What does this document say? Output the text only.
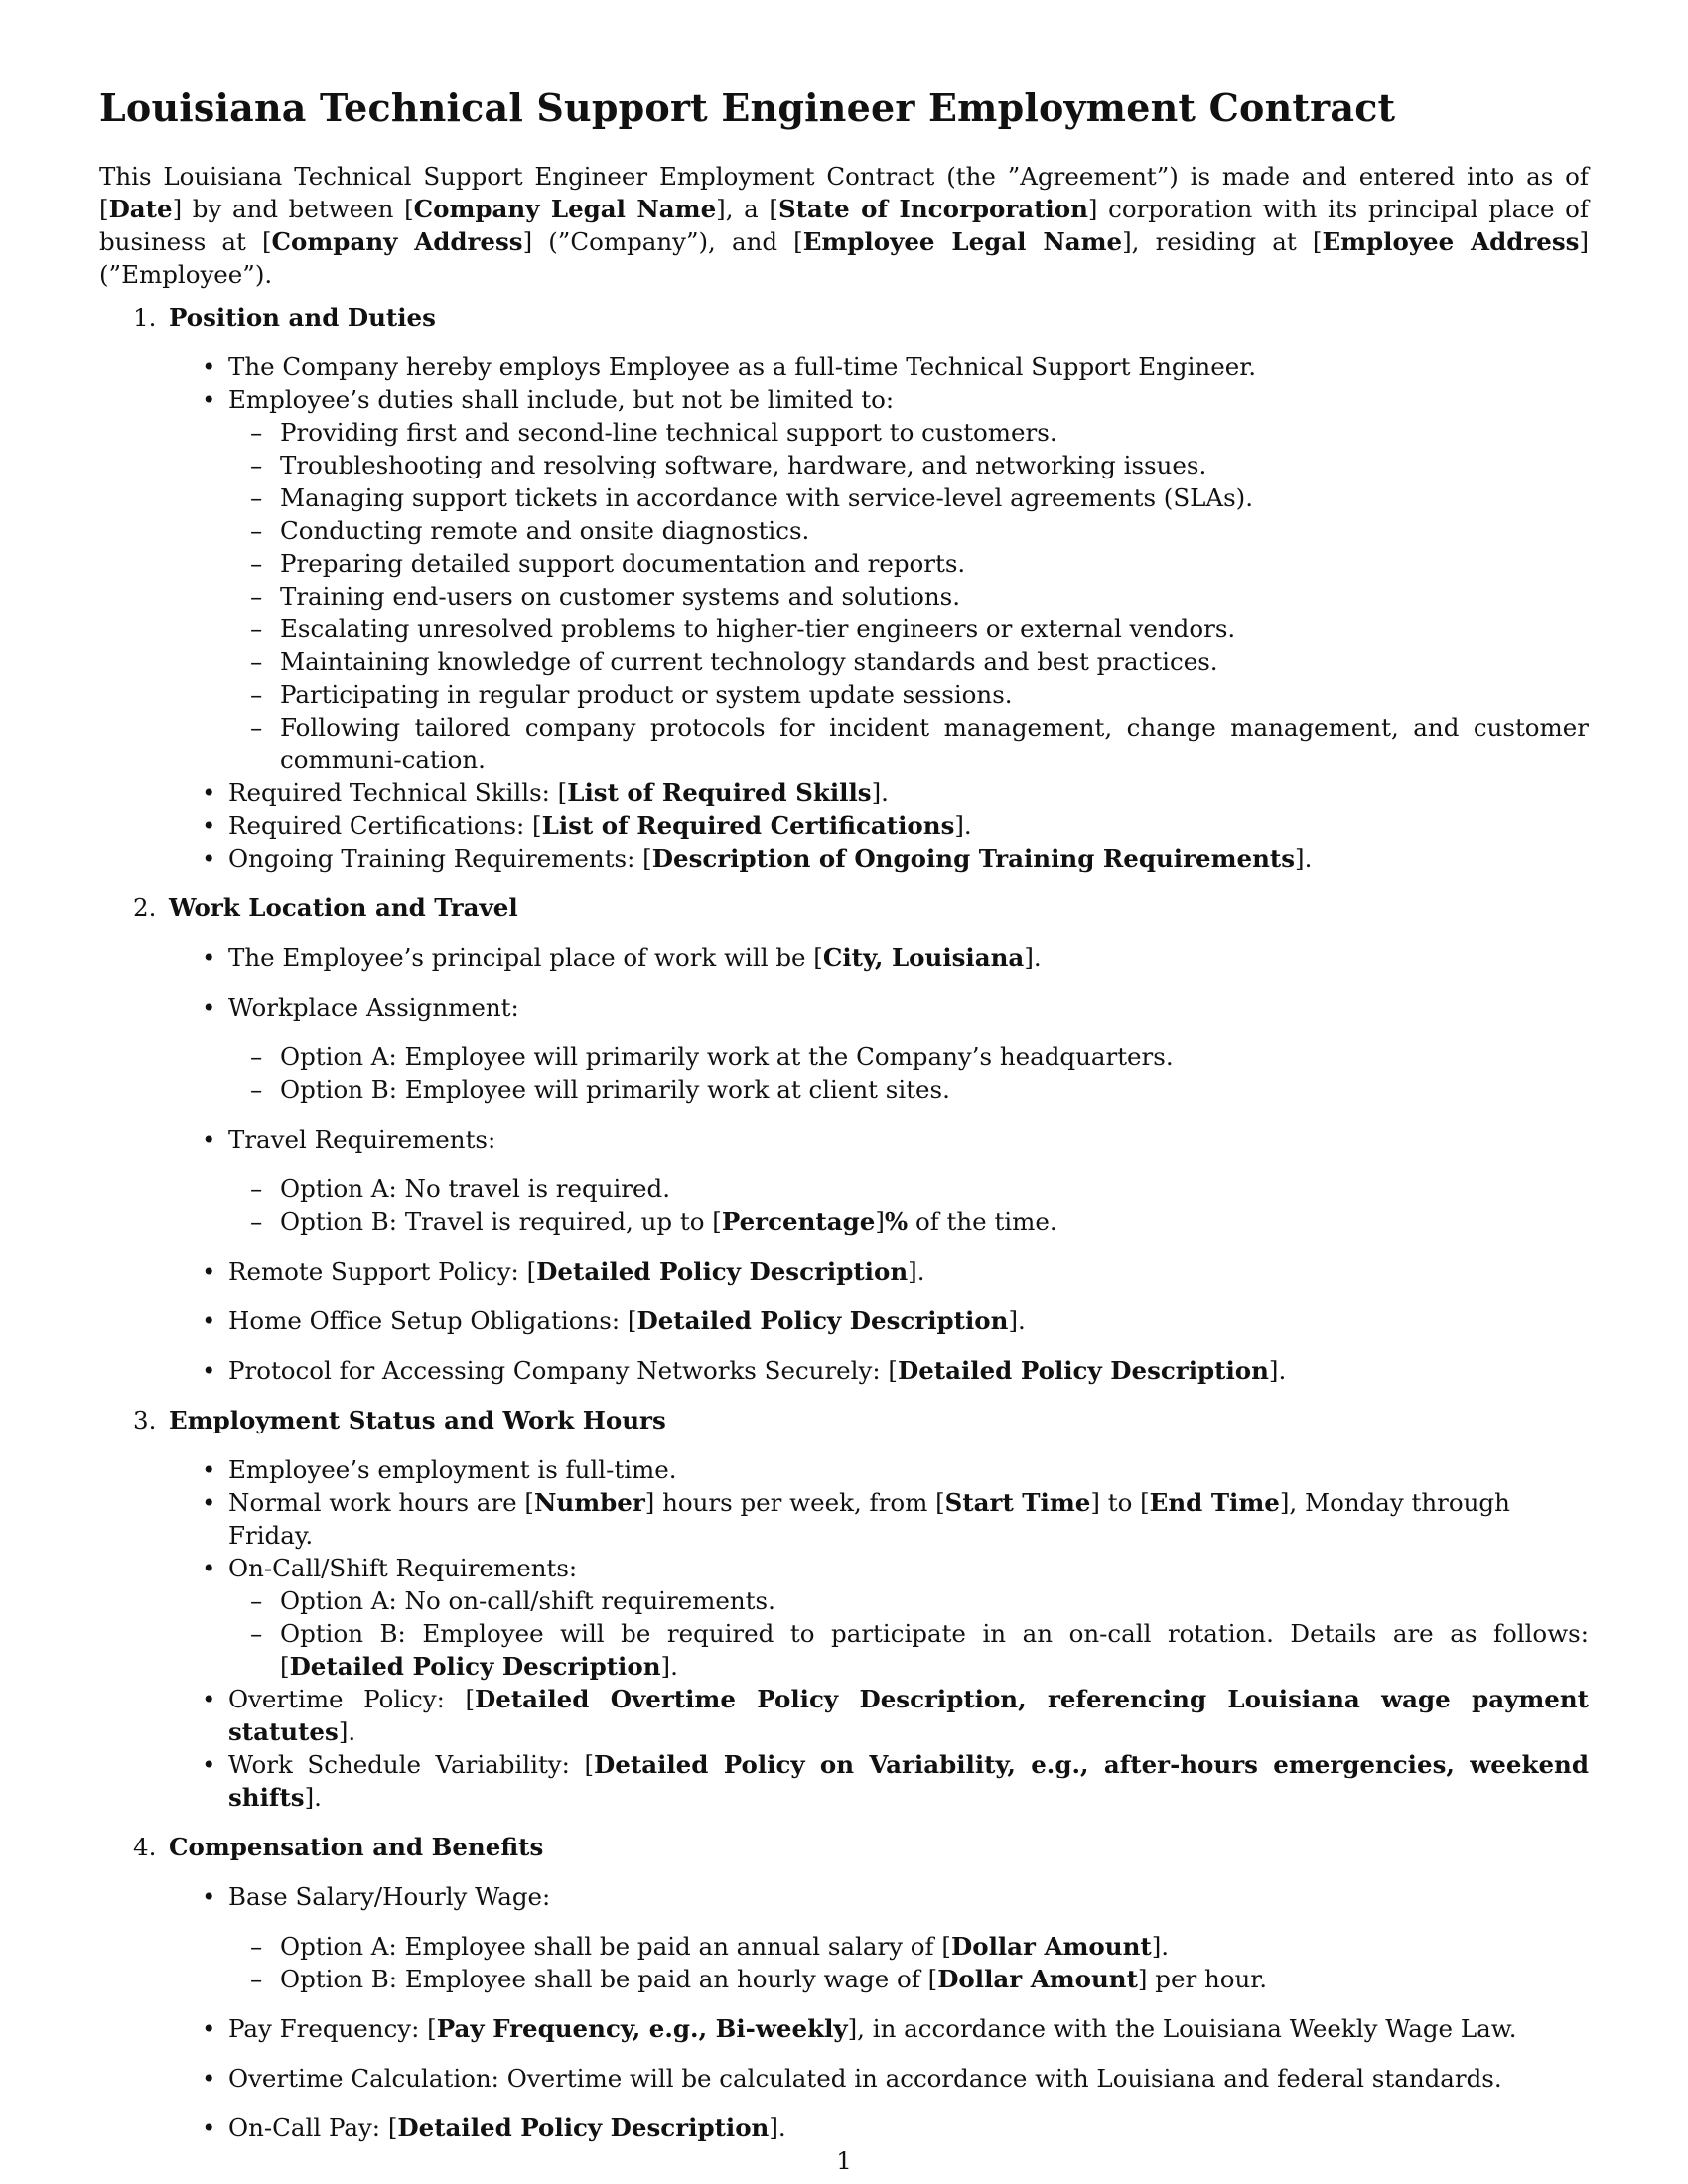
Louisiana Technical Support Engineer Employment Contract

This Louisiana Technical Support Engineer Employment Contract (the ”Agreement”) is made and entered into as of [Date] by and between [Company Legal Name], a [State of Incorporation] corporation with its principal place of business at [Company Address] (”Company”), and [Employee Legal Name], residing at [Employee Address] (”Employee”).

1. Position and Duties
• The Company hereby employs Employee as a full-time Technical Support Engineer.
• Employee’s duties shall include, but not be limited to:
– Providing first and second-line technical support to customers.
– Troubleshooting and resolving software, hardware, and networking issues.
– Managing support tickets in accordance with service-level agreements (SLAs).
– Conducting remote and onsite diagnostics.
– Preparing detailed support documentation and reports.
– Training end-users on customer systems and solutions.
– Escalating unresolved problems to higher-tier engineers or external vendors.
– Maintaining knowledge of current technology standards and best practices.
– Participating in regular product or system update sessions.
– Following tailored company protocols for incident management, change management, and customer communi-cation.
• Required Technical Skills: [List of Required Skills].
• Required Certifications: [List of Required Certifications].
• Ongoing Training Requirements: [Description of Ongoing Training Requirements].
2. Work Location and Travel
• The Employee’s principal place of work will be [City, Louisiana].
• Workplace Assignment:
– Option A: Employee will primarily work at the Company’s headquarters.
– Option B: Employee will primarily work at client sites.
• Travel Requirements:
– Option A: No travel is required.
– Option B: Travel is required, up to [Percentage]% of the time.
• Remote Support Policy: [Detailed Policy Description].
• Home Office Setup Obligations: [Detailed Policy Description].
• Protocol for Accessing Company Networks Securely: [Detailed Policy Description].
3. Employment Status and Work Hours
• Employee’s employment is full-time.
• Normal work hours are [Number] hours per week, from [Start Time] to [End Time], Monday through Friday.
• On-Call/Shift Requirements:
– Option A: No on-call/shift requirements.
– Option B: Employee will be required to participate in an on-call rotation. Details are as follows: [Detailed Policy Description].
• Overtime Policy: [Detailed Overtime Policy Description, referencing Louisiana wage payment statutes].
• Work Schedule Variability: [Detailed Policy on Variability, e.g., after-hours emergencies, weekend shifts].
4. Compensation and Benefits
• Base Salary/Hourly Wage:
– Option A: Employee shall be paid an annual salary of [Dollar Amount].
– Option B: Employee shall be paid an hourly wage of [Dollar Amount] per hour.
• Pay Frequency: [Pay Frequency, e.g., Bi-weekly], in accordance with the Louisiana Weekly Wage Law.
• Overtime Calculation: Overtime will be calculated in accordance with Louisiana and federal standards.
• On-Call Pay: [Detailed Policy Description].
1
